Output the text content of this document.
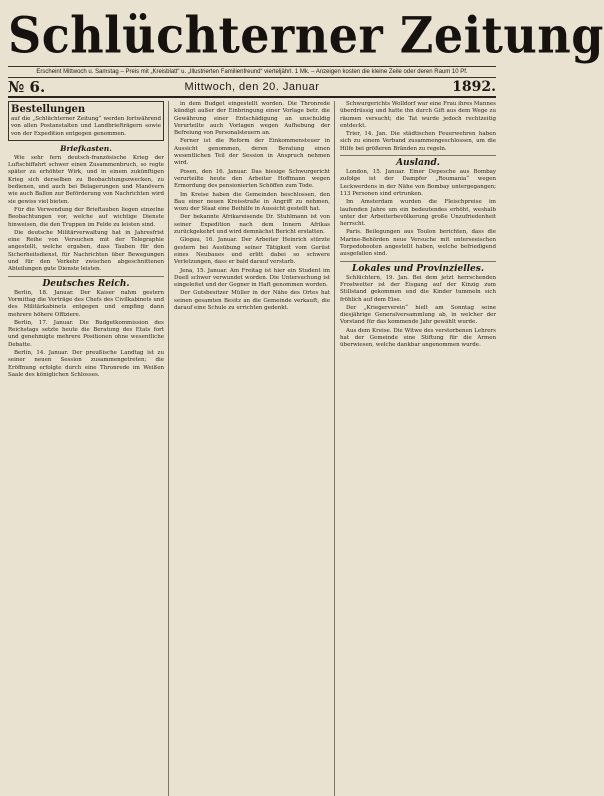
Schlüchterner Zeitung
Erscheint Mittwoch u. Samstag – Preis mit „Kreisblatt“ u. „Illustrierten Familienfreund“ vierteljährl. 1 Mk. – Anzeigen kosten die kleine Zeile oder deren Raum 10 Pf.
№ 6.	Mittwoch, den 20. Januar	1892.
Bestellungen
auf die „Schlüchterner Zeitung“ werden fortwährend von allen Postanstalten und Landbriefträgern sowie von der Expedition entgegen genommen.
Briefkasten.

Wie sehr fern deutsch-französische Krieg der Luftschiffahrt schwer einen Zusammenbruch, so regte später zu erhöhter Wirk, und in einem zukünftigen Krieg sich derselben zu Beobachtungszwecken, zu bedienen, und auch bei Belagerungen und Manövern wie auch Ballon zur Beförderung von Nachrichten wird sie gewiss viel bieten.

Für die Verwendung der Brieftauben liegen einzelne Beobachtungen vor, welche auf wichtige Dienste hinweisen, die den Truppen im Felde zu leisten sind.

Die deutsche Militärverwaltung hat in Jahresfrist eine Reihe von Versuchen mit der Telegraphie angestellt, welche ergaben, dass Tauben für den Sicherheitsdienst, für Nachrichten über Bewegungen und für den Verkehr zwischen abgeschnittenen Abteilungen gute Dienste leisten.

Deutsches Reich.

Berlin, 18. Januar. Der Kaiser nahm gestern Vormittag die Vorträge des Chefs des Civilkabinets und des Militärkabinets entgegen und empfing dann mehrere höhere Offiziere.

Berlin, 17. Januar. Die Budgetkommission des Reichstags setzte heute die Beratung des Etats fort und genehmigte mehrere Positionen ohne wesentliche Debatte.

Berlin, 14. Januar. Der preußische Landtag ist zu seiner neuen Session zusammengetreten; die Eröffnung erfolgte durch eine Thronrede im Weißen Saale des königlichen Schlosses.

in dem Budget eingestellt worden. Die Thronrede kündigt außer der Einbringung einer Vorlage betr. die Gewährung einer Entschädigung an unschuldig Verurteilte auch Vorlagen wegen Aufhebung der Befreiung von Personalsteuern an.

Ferner ist die Reform der Einkommensteuer in Aussicht genommen, deren Beratung einen wesentlichen Teil der Session in Anspruch nehmen wird.

Posen, den 16. Januar. Das hiesige Schwurgericht verurteilte heute den Arbeiter Hoffmann wegen Ermordung des pensionierten Schöffen zum Tode.

Im Kreise haben die Gemeinden beschlossen, den Bau einer neuen Kreisstraße in Angriff zu nehmen, wozu der Staat eine Beihilfe in Aussicht gestellt hat.

Der bekannte Afrikareisende Dr. Stuhlmann ist von seiner Expedition nach dem Innern Afrikas zurückgekehrt und wird demnächst Bericht erstatten.

Glogau, 16. Januar. Der Arbeiter Heinrich stürzte gestern bei Ausübung seiner Tätigkeit vom Gerüst eines Neubaues und erlitt dabei so schwere Verletzungen, dass er bald darauf verstarb.

Jena, 15. Januar. Am Freitag ist hier ein Student im Duell schwer verwundet worden. Die Untersuchung ist eingeleitet und der Gegner in Haft genommen worden.

Der Gutsbesitzer Müller in der Nähe des Ortes hat seinen gesamten Besitz an die Gemeinde verkauft, die darauf eine Schule zu errichten gedenkt.

Schwurgerichts Wolldorf war eine Frau ihres Mannes überdrüssig und hatte ihn durch Gift aus dem Wege zu räumen versucht; die Tat wurde jedoch rechtzeitig entdeckt.

Trier, 14. Jan. Die städtischen Feuerwehren haben sich zu einem Verband zusammengeschlossen, um die Hilfe bei größeren Bränden zu regeln.

Ausland.

London, 15. Januar. Einer Depesche aus Bombay zufolge ist der Dampfer „Roumania“ wegen Leckwerdens in der Nähe von Bombay untergegangen; 113 Personen sind ertrunken.

Im Amsterdam wurden die Fleischpreise im laufenden Jahre um ein bedeutendes erhöht, weshalb unter der Arbeiterbevölkerung große Unzufriedenheit herrscht.

Paris. Beilegungen aus Toulon berichten, dass die Marine-Behörden neue Versuche mit unterseeischen Torpedobooten angestellt haben, welche befriedigend ausgefallen sind.

Lokales und Provinzielles.

Schlüchtern, 19. Jan. Bei dem jetzt herrschenden Frostwetter ist der Eisgang auf der Kinzig zum Stillstand gekommen und die Kinder tummeln sich fröhlich auf dem Eise.

Der „Kriegerverein“ hielt am Sonntag seine diesjährige Generalversammlung ab, in welcher der Vorstand für das kommende Jahr gewählt wurde.

Aus dem Kreise. Die Witwe des verstorbenen Lehrers hat der Gemeinde eine Stiftung für die Armen überwiesen, welche dankbar angenommen wurde.
